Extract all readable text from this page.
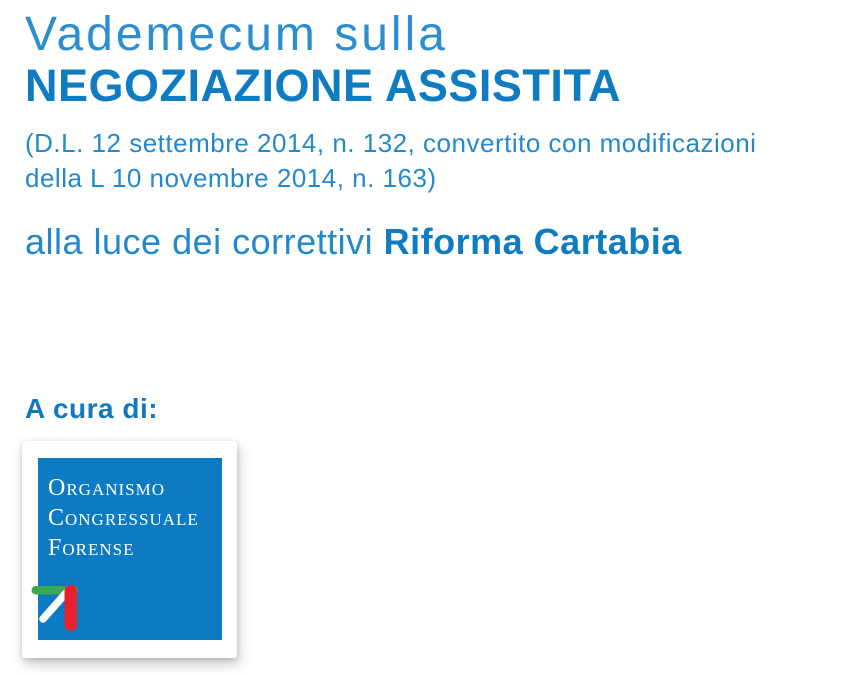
Vademecum sulla
NEGOZIAZIONE ASSISTITA
(D.L. 12 settembre 2014, n. 132, convertito con modificazioni
della L 10 novembre 2014, n. 163)
alla luce dei correttivi Riforma Cartabia
A cura di:
Organismo
Congressuale
Forense
